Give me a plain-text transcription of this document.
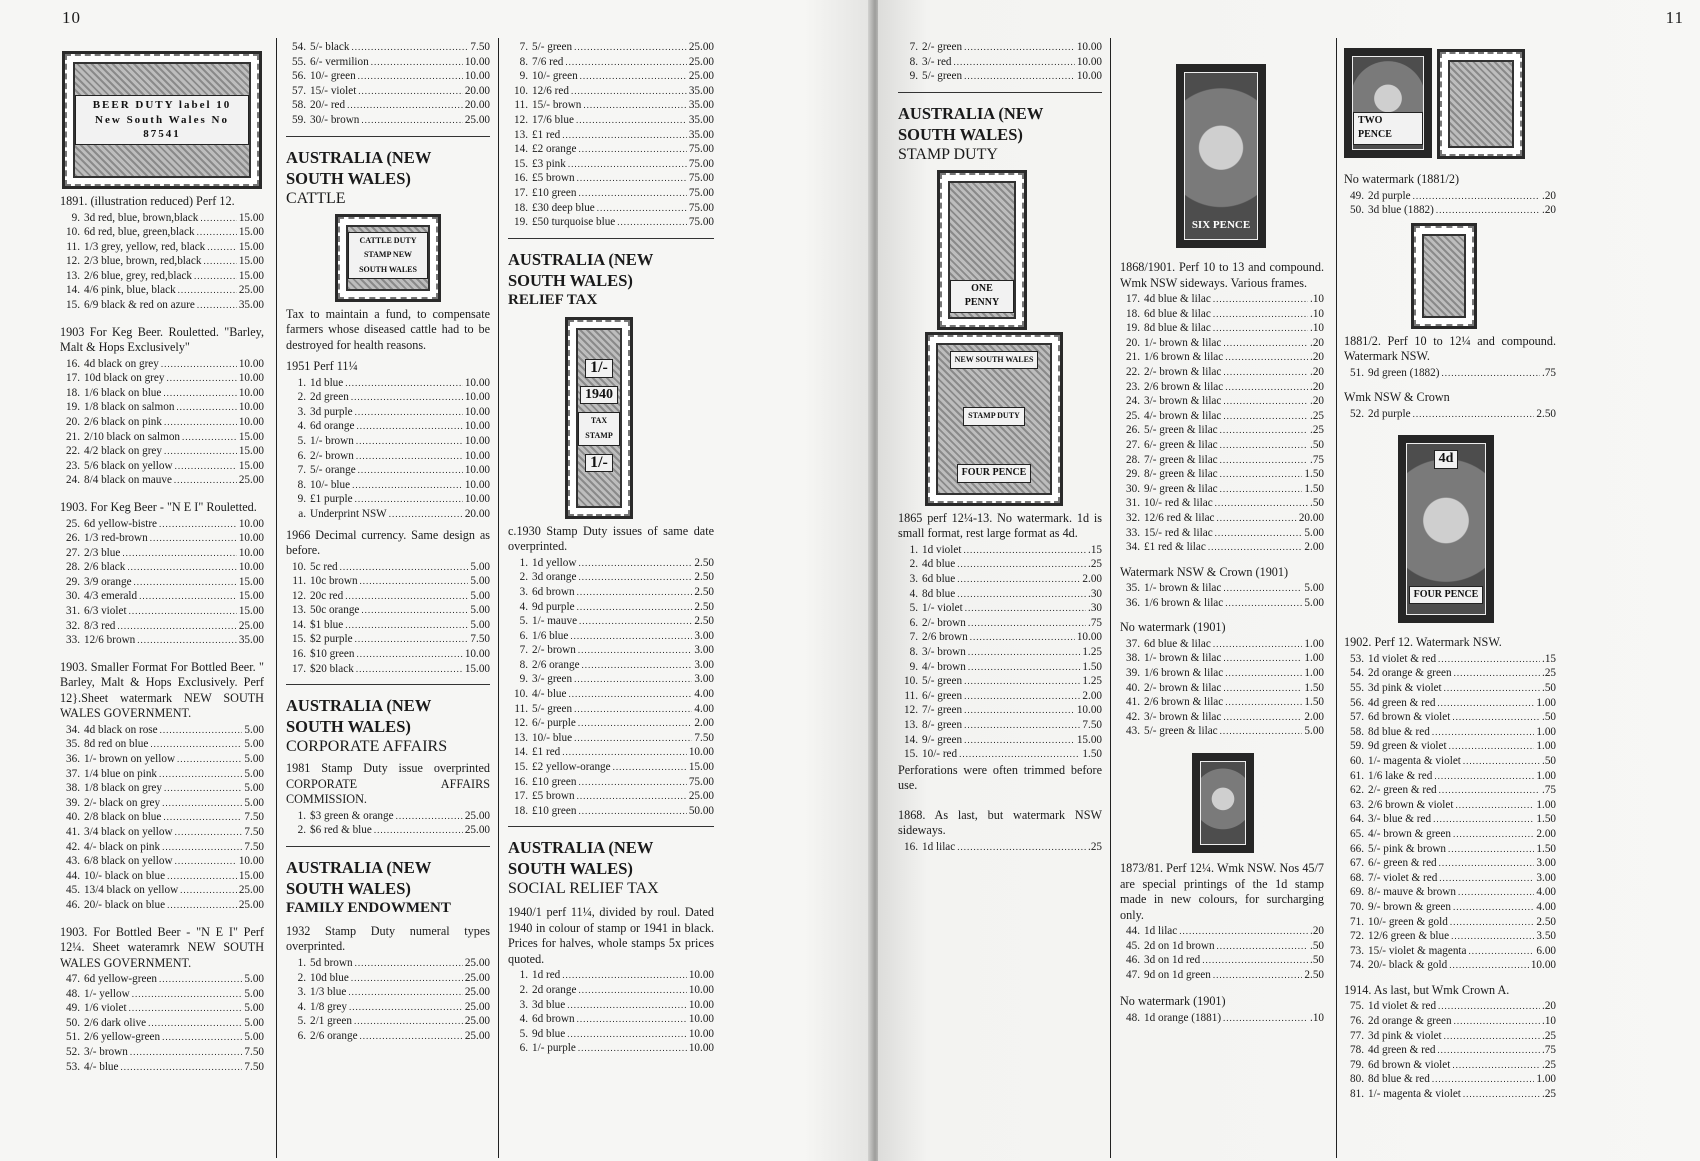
10
BEER DUTY label 10 New South Wales No 87541
1891. (illustration reduced) Perf 12.
9. 3d red, blue, brown,black .....	15.00
10. 6d red, blue, green,black .....	15.00
11. 1/3 grey, yellow, red, black .....	15.00
12. 2/3 blue, brown, red,black .....	15.00
13. 2/6 blue, grey, red,black .....	15.00
14. 4/6 pink, blue, black .....	25.00
15. 6/9 black & red on azure .....	35.00
1903 For Keg Beer. Rouletted. "Barley, Malt & Hops Exclusively"
16. 4d black on grey .....	10.00
17. 10d black on grey .....	10.00
18. 1/6 black on blue .....	10.00
19. 1/8 black on salmon .....	10.00
20. 2/6 black on pink .....	10.00
21. 2/10 black on salmon .....	15.00
22. 4/2 black on grey .....	15.00
23. 5/6 black on yellow .....	15.00
24. 8/4 black on mauve .....	25.00
1903. For Keg Beer - "N E I" Rouletted.
25. 6d yellow-bistre .....	10.00
26. 1/3 red-brown .....	10.00
27. 2/3 blue .....	10.00
28. 2/6 black .....	10.00
29. 3/9 orange .....	15.00
30. 4/3 emerald .....	15.00
31. 6/3 violet .....	15.00
32. 8/3 red .....	25.00
33. 12/6 brown .....	35.00
1903. Smaller Format For Bottled Beer. " Barley, Malt & Hops Exclusively. Perf 12}.Sheet watermark NEW SOUTH WALES GOVERNMENT.
34. 4d black on rose .....	5.00
35. 8d red on blue .....	5.00
36. 1/- brown on yellow .....	5.00
37. 1/4 blue on pink .....	5.00
38. 1/8 black on grey .....	5.00
39. 2/- black on grey .....	5.00
40. 2/8 black on blue .....	7.50
41. 3/4 black on yellow .....	7.50
42. 4/- black on pink .....	7.50
43. 6/8 black on yellow .....	10.00
44. 10/- black on blue .....	15.00
45. 13/4 black on yellow .....	25.00
46. 20/- black on blue .....	25.00
1903. For Bottled Beer - "N E I" Perf 12¼. Sheet wateramrk NEW SOUTH WALES GOVERNMENT.
47. 6d yellow-green .....	5.00
48. 1/- yellow .....	5.00
49. 1/6 violet .....	5.00
50. 2/6 dark olive .....	5.00
51. 2/6 yellow-green .....	5.00
52. 3/- brown .....	7.50
53. 4/- blue .....	7.50
54. 5/- black .....	7.50
55. 6/- vermilion .....	10.00
56. 10/- green .....	10.00
57. 15/- violet .....	20.00
58. 20/- red .....	20.00
59. 30/- brown .....	25.00
AUSTRALIA (NEW SOUTH WALES)
CATTLE
CATTLE DUTY STAMP NEW SOUTH WALES
Tax to maintain a fund, to compensate farmers whose diseased cattle had to be destroyed for health reasons.
1951 Perf 11¼
1. 1d blue .....	10.00
2. 2d green .....	10.00
3. 3d purple .....	10.00
4. 6d orange .....	10.00
5. 1/- brown .....	10.00
6. 2/- brown .....	10.00
7. 5/- orange .....	10.00
8. 10/- blue .....	10.00
9. £1 purple .....	10.00
a. Underprint NSW .....	20.00
1966 Decimal currency. Same design as before.
10. 5c red .....	5.00
11. 10c brown .....	5.00
12. 20c red .....	5.00
13. 50c orange .....	5.00
14. $1 blue .....	5.00
15. $2 purple .....	7.50
16. $10 green .....	10.00
17. $20 black .....	15.00
AUSTRALIA (NEW SOUTH WALES)
CORPORATE AFFAIRS
1981 Stamp Duty issue overprinted CORPORATE AFFAIRS COMMISSION.
1. $3 green & orange .....	25.00
2. $6 red & blue .....	25.00
AUSTRALIA (NEW SOUTH WALES)
FAMILY ENDOWMENT
1932 Stamp Duty numeral types overprinted.
1. 5d brown .....	25.00
2. 10d blue .....	25.00
3. 1/3 blue .....	25.00
4. 1/8 grey .....	25.00
5. 2/1 green .....	25.00
6. 2/6 orange .....	25.00
7. 5/- green .....	25.00
8. 7/6 red .....	25.00
9. 10/- green .....	25.00
10. 12/6 red .....	35.00
11. 15/- brown .....	35.00
12. 17/6 blue .....	35.00
13. £1 red .....	35.00
14. £2 orange .....	75.00
15. £3 pink .....	75.00
16. £5 brown .....	75.00
17. £10 green .....	75.00
18. £30 deep blue .....	75.00
19. £50 turquoise blue .....	75.00
AUSTRALIA (NEW SOUTH WALES)
RELIEF TAX
1/-
1940
TAX STAMP
1/-
c.1930 Stamp Duty issues of same date overprinted.
1. 1d yellow .....	2.50
2. 3d orange .....	2.50
3. 6d brown .....	2.50
4. 9d purple .....	2.50
5. 1/- mauve .....	2.50
6. 1/6 blue .....	3.00
7. 2/- brown .....	3.00
8. 2/6 orange .....	3.00
9. 3/- green .....	3.00
10. 4/- blue .....	4.00
11. 5/- green .....	4.00
12. 6/- purple .....	2.00
13. 10/- blue .....	7.50
14. £1 red .....	10.00
15. £2 yellow-orange .....	15.00
16. £10 green .....	75.00
17. £5 brown .....	25.00
18. £10 green .....	50.00
AUSTRALIA (NEW SOUTH WALES)
SOCIAL RELIEF TAX
1940/1 perf 11¼, divided by roul. Dated 1940 in colour of stamp or 1941 in black. Prices for halves, whole stamps 5x prices quoted.
1. 1d red .....	10.00
2. 2d orange .....	10.00
3. 3d blue .....	10.00
4. 6d brown .....	10.00
5. 9d blue .....	10.00
6. 1/- purple .....	10.00
11
7. 2/- green .....	10.00
8. 3/- red .....	10.00
9. 5/- green .....	10.00
AUSTRALIA (NEW SOUTH WALES)
STAMP DUTY
ONE PENNY
NEW SOUTH WALES
STAMP DUTY
FOUR PENCE
1865 perf 12¼-13. No watermark. 1d is small format, rest large format as 4d.
1. 1d violet .....	.15
2. 4d blue .....	.25
3. 6d blue .....	2.00
4. 8d blue .....	.30
5. 1/- violet .....	.30
6. 2/- brown .....	.75
7. 2/6 brown .....	10.00
8. 3/- brown .....	1.25
9. 4/- brown .....	1.50
10. 5/- green .....	1.25
11. 6/- green .....	2.00
12. 7/- green .....	10.00
13. 8/- green .....	7.50
14. 9/- green .....	15.00
15. 10/- red .....	1.50
Perforations were often trimmed before use.
1868. As last, but watermark NSW sideways.
16. 1d lilac .....	.25
SIX PENCE
1868/1901. Perf 10 to 13 and compound. Wmk NSW sideways. Various frames.
17. 4d blue & lilac .....	.10
18. 6d blue & lilac .....	.10
19. 8d blue & lilac .....	.10
20. 1/- brown & lilac .....	.20
21. 1/6 brown & lilac .....	.20
22. 2/- brown & lilac .....	.20
23. 2/6 brown & lilac .....	.20
24. 3/- brown & lilac .....	.20
25. 4/- brown & lilac .....	.25
26. 5/- green & lilac .....	.25
27. 6/- green & lilac .....	.50
28. 7/- green & lilac .....	.75
29. 8/- green & lilac .....	1.50
30. 9/- green & lilac .....	1.50
31. 10/- red & lilac .....	.50
32. 12/6 red & lilac .....	20.00
33. 15/- red & lilac .....	5.00
34. £1 red & lilac .....	2.00
Watermark NSW & Crown (1901)
35. 1/- brown & lilac .....	5.00
36. 1/6 brown & lilac .....	5.00
No watermark (1901)
37. 6d blue & lilac .....	1.00
38. 1/- brown & lilac .....	1.00
39. 1/6 brown & lilac .....	1.00
40. 2/- brown & lilac .....	1.50
41. 2/6 brown & lilac .....	1.50
42. 3/- brown & lilac .....	2.00
43. 5/- green & lilac .....	5.00
1873/81. Perf 12¼. Wmk NSW. Nos 45/7 are special printings of the 1d stamp made in new colours, for surcharging only.
44. 1d lilac .....	.20
45. 2d on 1d brown .....	.50
46. 3d on 1d red .....	.50
47. 9d on 1d green .....	2.50
No watermark (1901)
48. 1d orange (1881) .....	.10
TWO PENCE
No watermark (1881/2)
49. 2d purple .....	.20
50. 3d blue (1882) .....	.20
1881/2. Perf 10 to 12¼ and compound. Watermark NSW.
51. 9d green (1882) .....	.75
Wmk NSW & Crown
52. 2d purple .....	2.50
4d
FOUR PENCE
1902. Perf 12. Watermark NSW.
53. 1d violet & red .....	.15
54. 2d orange & green .....	.25
55. 3d pink & violet .....	.50
56. 4d green & red .....	1.00
57. 6d brown & violet .....	.50
58. 8d blue & red .....	1.00
59. 9d green & violet .....	1.00
60. 1/- magenta & violet .....	.50
61. 1/6 lake & red .....	1.00
62. 2/- green & red .....	.75
63. 2/6 brown & violet .....	1.00
64. 3/- blue & red .....	1.50
65. 4/- brown & green .....	2.00
66. 5/- pink & brown .....	1.50
67. 6/- green & red .....	3.00
68. 7/- violet & red .....	3.00
69. 8/- mauve & brown .....	4.00
70. 9/- brown & green .....	4.00
71. 10/- green & gold .....	2.50
72. 12/6 green & blue .....	3.50
73. 15/- violet & magenta .....	6.00
74. 20/- black & gold .....	10.00
1914. As last, but Wmk Crown A.
75. 1d violet & red .....	.20
76. 2d orange & green .....	.10
77. 3d pink & violet .....	.25
78. 4d green & red .....	.75
79. 6d brown & violet .....	.25
80. 8d blue & red .....	1.00
81. 1/- magenta & violet .....	.25
